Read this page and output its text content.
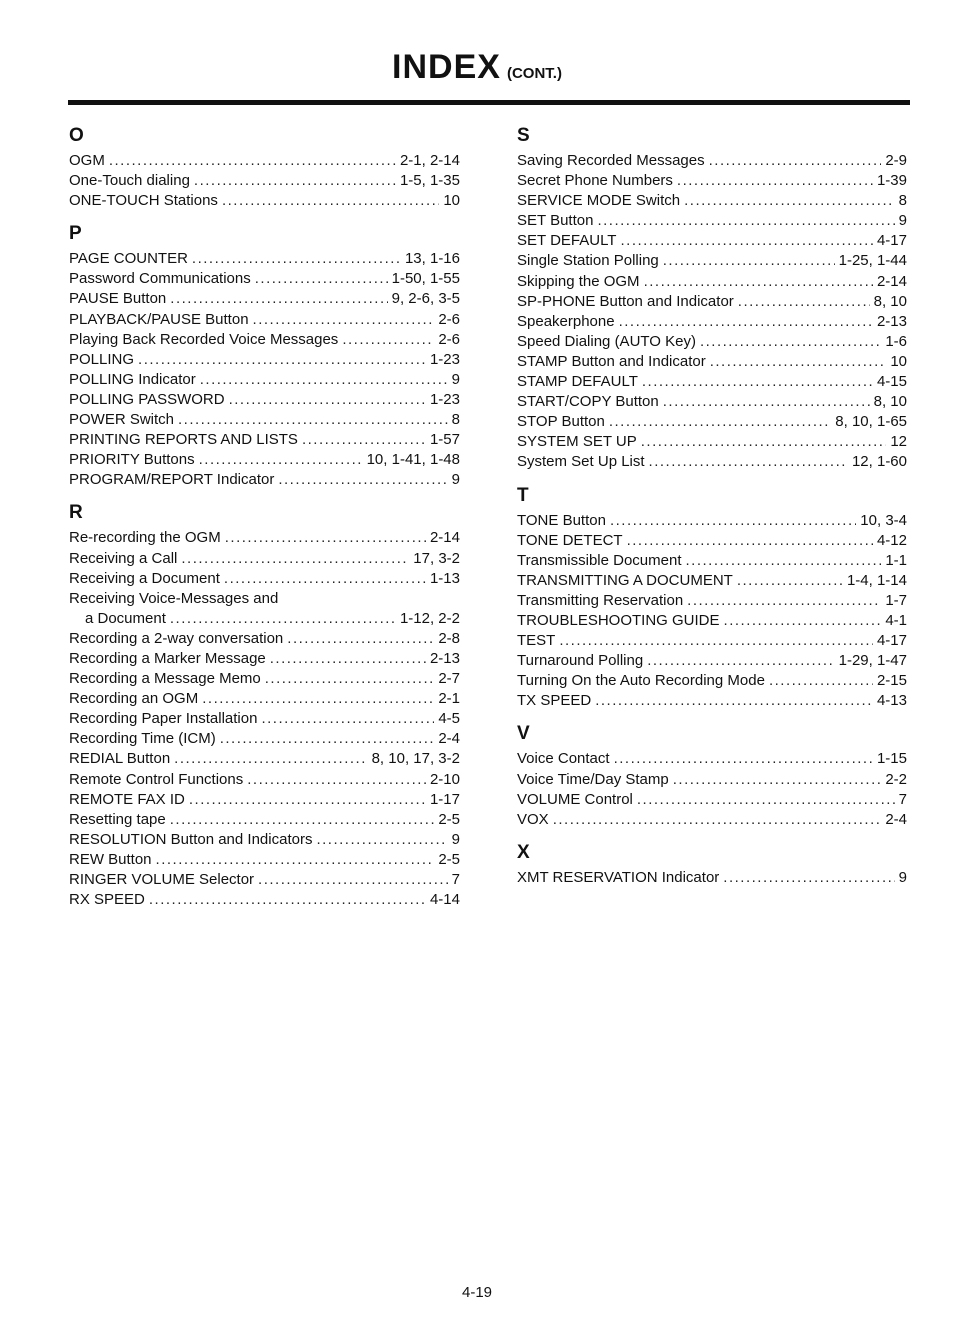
INDEX (CONT.)
O
OGM .....	2-1, 2-14
One-Touch dialing .....	1-5, 1-35
ONE-TOUCH Stations .....	10
P
PAGE COUNTER .....	13, 1-16
Password Communications .....	1-50, 1-55
PAUSE Button .....	9, 2-6, 3-5
PLAYBACK/PAUSE Button .....	2-6
Playing Back Recorded Voice Messages .....	2-6
POLLING .....	1-23
POLLING Indicator .....	9
POLLING PASSWORD .....	1-23
POWER Switch .....	8
PRINTING REPORTS AND LISTS .....	1-57
PRIORITY Buttons .....	10, 1-41, 1-48
PROGRAM/REPORT Indicator .....	9
R
Re-recording the OGM .....	2-14
Receiving a Call .....	17, 3-2
Receiving a Document .....	1-13
Receiving Voice-Messages and
a Document .....	1-12, 2-2
Recording a 2-way conversation .....	2-8
Recording a Marker Message .....	2-13
Recording a Message Memo .....	2-7
Recording an OGM .....	2-1
Recording Paper Installation .....	4-5
Recording Time (ICM) .....	2-4
REDIAL Button .....	8, 10, 17, 3-2
Remote Control Functions .....	2-10
REMOTE FAX ID .....	1-17
Resetting tape .....	2-5
RESOLUTION Button and Indicators .....	9
REW Button .....	2-5
RINGER VOLUME Selector .....	7
RX SPEED .....	4-14
S
Saving Recorded Messages .....	2-9
Secret Phone Numbers .....	1-39
SERVICE MODE Switch .....	8
SET Button .....	9
SET DEFAULT .....	4-17
Single Station Polling .....	1-25, 1-44
Skipping the OGM .....	2-14
SP-PHONE Button and Indicator .....	8, 10
Speakerphone .....	2-13
Speed Dialing (AUTO Key) .....	1-6
STAMP Button and Indicator .....	10
STAMP DEFAULT .....	4-15
START/COPY Button .....	8, 10
STOP Button .....	8, 10, 1-65
SYSTEM SET UP .....	12
System Set Up List .....	12, 1-60
T
TONE Button .....	10, 3-4
TONE DETECT .....	4-12
Transmissible Document .....	1-1
TRANSMITTING A DOCUMENT .....	1-4, 1-14
Transmitting Reservation .....	1-7
TROUBLESHOOTING GUIDE .....	4-1
TEST .....	4-17
Turnaround Polling .....	1-29, 1-47
Turning On the Auto Recording Mode .....	2-15
TX SPEED .....	4-13
V
Voice Contact .....	1-15
Voice Time/Day Stamp .....	2-2
VOLUME Control .....	7
VOX .....	2-4
X
XMT RESERVATION Indicator .....	9
4-19
